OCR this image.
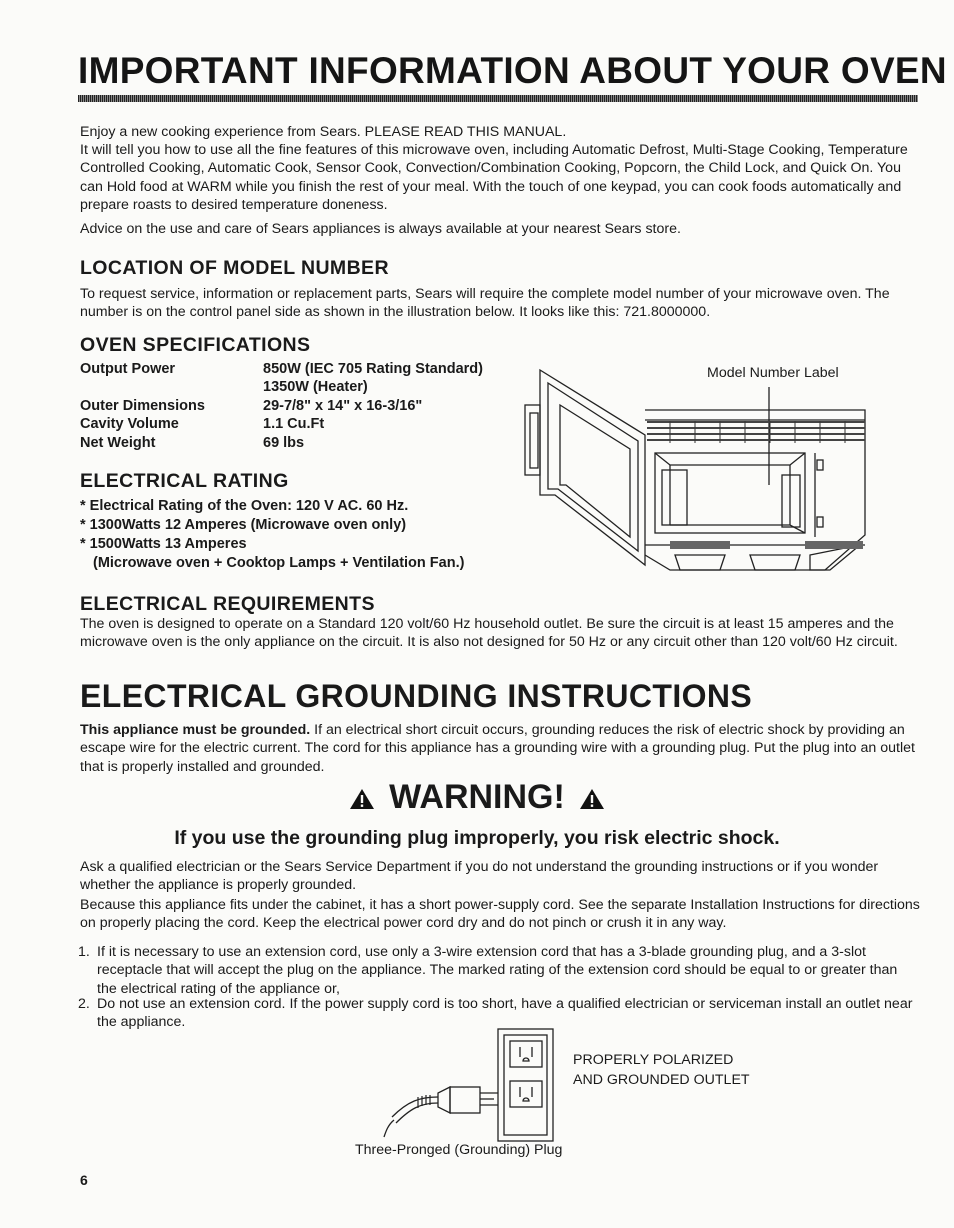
IMPORTANT INFORMATION ABOUT YOUR OVEN
Enjoy a new cooking experience from Sears. PLEASE READ THIS MANUAL.
It will tell you how to use all the fine features of this microwave oven, including Automatic Defrost, Multi-Stage Cooking, Temperature Controlled Cooking, Automatic Cook, Sensor Cook, Convection/Combination Cooking, Popcorn, the Child Lock, and Quick On. You can Hold food at WARM while you finish the rest of your meal. With the touch of one keypad, you can cook foods automatically and prepare roasts to desired temperature doneness.
Advice on the use and care of Sears appliances is always available at your nearest Sears store.
LOCATION OF MODEL NUMBER
To request service, information or replacement parts, Sears will require the complete model number of your microwave oven. The number is on the control panel side as shown in the illustration below. It looks like this: 721.8000000.
OVEN SPECIFICATIONS
Output Power	850W (IEC 705 Rating Standard)
1350W (Heater)
Outer Dimensions	29-7/8" x 14" x 16-3/16"
Cavity Volume	1.1 Cu.Ft
Net Weight	69 lbs
ELECTRICAL RATING
* Electrical Rating of the Oven: 120 V AC. 60 Hz.
* 1300Watts 12 Amperes (Microwave oven only)
* 1500Watts 13 Amperes
(Microwave oven + Cooktop Lamps + Ventilation Fan.)
Model Number Label
ELECTRICAL REQUIREMENTS
The oven is designed to operate on a Standard 120 volt/60 Hz household outlet. Be sure the circuit is at least 15 amperes and the microwave oven is the only appliance on the circuit. It is also not designed for 50 Hz or any circuit other than 120 volt/60 Hz circuit.
ELECTRICAL GROUNDING INSTRUCTIONS
This appliance must be grounded. If an electrical short circuit occurs, grounding reduces the risk of electric shock by providing an escape wire for the electric current. The cord for this appliance has a grounding wire with a grounding plug. Put the plug into an outlet that is properly installed and grounded.
WARNING!
If you use the grounding plug improperly, you risk electric shock.
Ask a qualified electrician or the Sears Service Department if you do not understand the grounding instructions or if you wonder whether the appliance is properly grounded.
Because this appliance fits under the cabinet, it has a short power-supply cord. See the separate Installation Instructions for directions on properly placing the cord. Keep the electrical power cord dry and do not pinch or crush it in any way.
1. If it is necessary to use an extension cord, use only a 3-wire extension cord that has a 3-blade grounding plug, and a 3-slot receptacle that will accept the plug on the appliance. The marked rating of the extension cord should be equal to or greater than the electrical rating of the appliance or,
2. Do not use an extension cord. If the power supply cord is too short, have a qualified electrician or serviceman install an outlet near the appliance.
PROPERLY POLARIZED
AND GROUNDED OUTLET
Three-Pronged (Grounding) Plug
6
